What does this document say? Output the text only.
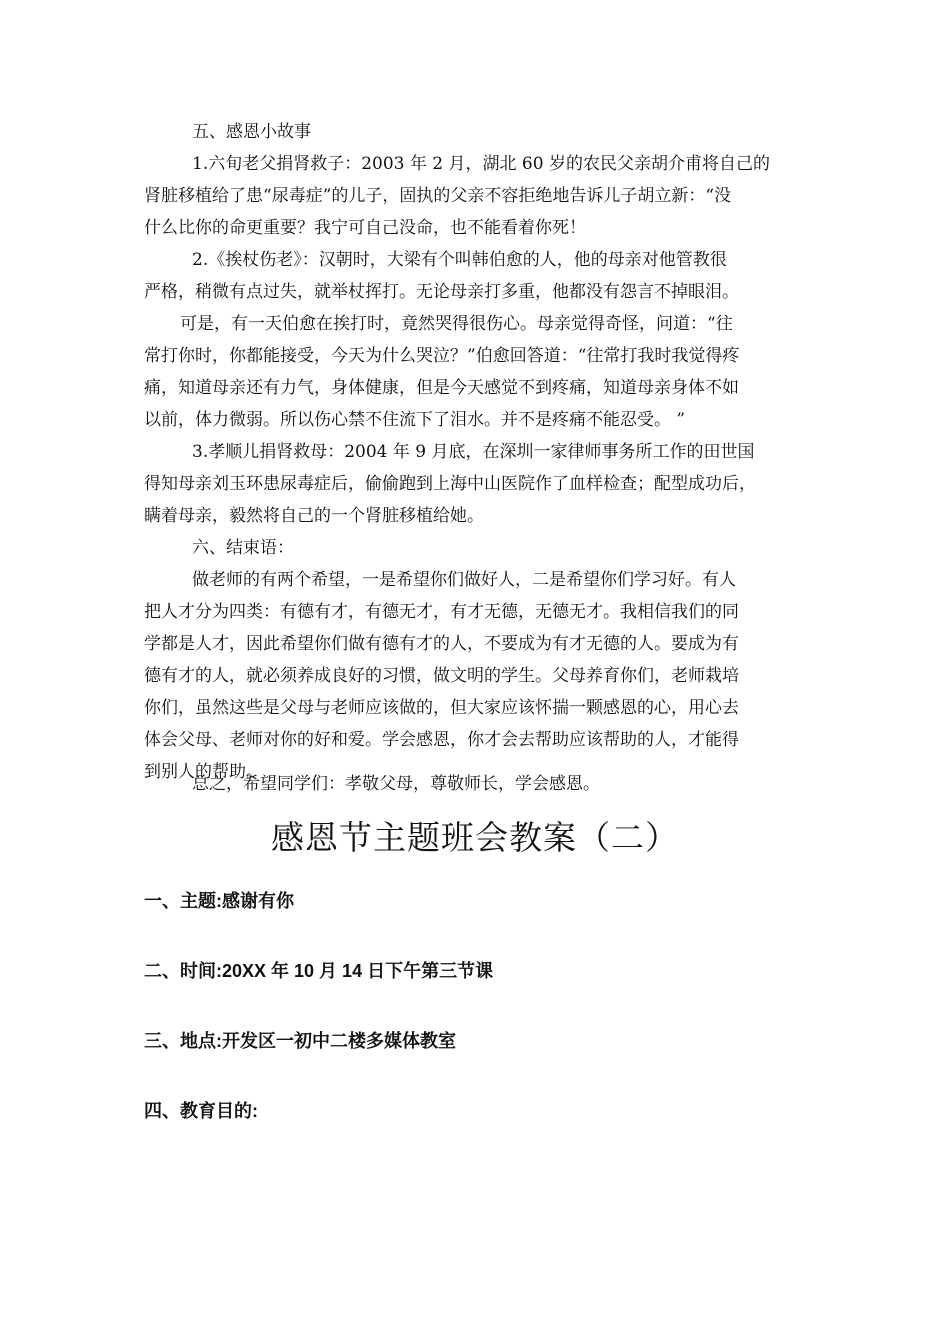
五、感恩小故事
1.六旬老父捐肾救子：2003 年 2 月，湖北 60 岁的农民父亲胡介甫将自己的
肾脏移植给了患“尿毒症”的儿子，固执的父亲不容拒绝地告诉儿子胡立新：“没
什么比你的命更重要？我宁可自己没命，也不能看着你死！
2.《挨杖伤老》：汉朝时，大梁有个叫韩伯愈的人，他的母亲对他管教很
严格，稍微有点过失，就举杖挥打。无论母亲打多重，他都没有怨言不掉眼泪。
可是，有一天伯愈在挨打时，竟然哭得很伤心。母亲觉得奇怪，问道：“往
常打你时，你都能接受，今天为什么哭泣？”伯愈回答道：“往常打我时我觉得疼
痛，知道母亲还有力气，身体健康，但是今天感觉不到疼痛，知道母亲身体不如
以前，体力微弱。所以伤心禁不住流下了泪水。并不是疼痛不能忍受。 ”
3.孝顺儿捐肾救母：2004 年 9 月底，在深圳一家律师事务所工作的田世国
得知母亲刘玉环患尿毒症后，偷偷跑到上海中山医院作了血样检查；配型成功后，
瞒着母亲，毅然将自己的一个肾脏移植给她。
六、结束语：
做老师的有两个希望，一是希望你们做好人，二是希望你们学习好。有人
把人才分为四类：有德有才，有德无才，有才无德，无德无才。我相信我们的同
学都是人才，因此希望你们做有德有才的人，不要成为有才无德的人。要成为有
德有才的人，就必须养成良好的习惯，做文明的学生。父母养育你们，老师栽培
你们，虽然这些是父母与老师应该做的，但大家应该怀揣一颗感恩的心，用心去
体会父母、老师对你的好和爱。学会感恩，你才会去帮助应该帮助的人，才能得
到别人的帮助。
总之，希望同学们：孝敬父母，尊敬师长，学会感恩。
感恩节主题班会教案（二）
一、主题:感谢有你
二、时间:20XX 年 10 月 14 日下午第三节课
三、地点:开发区一初中二楼多媒体教室
四、教育目的:
